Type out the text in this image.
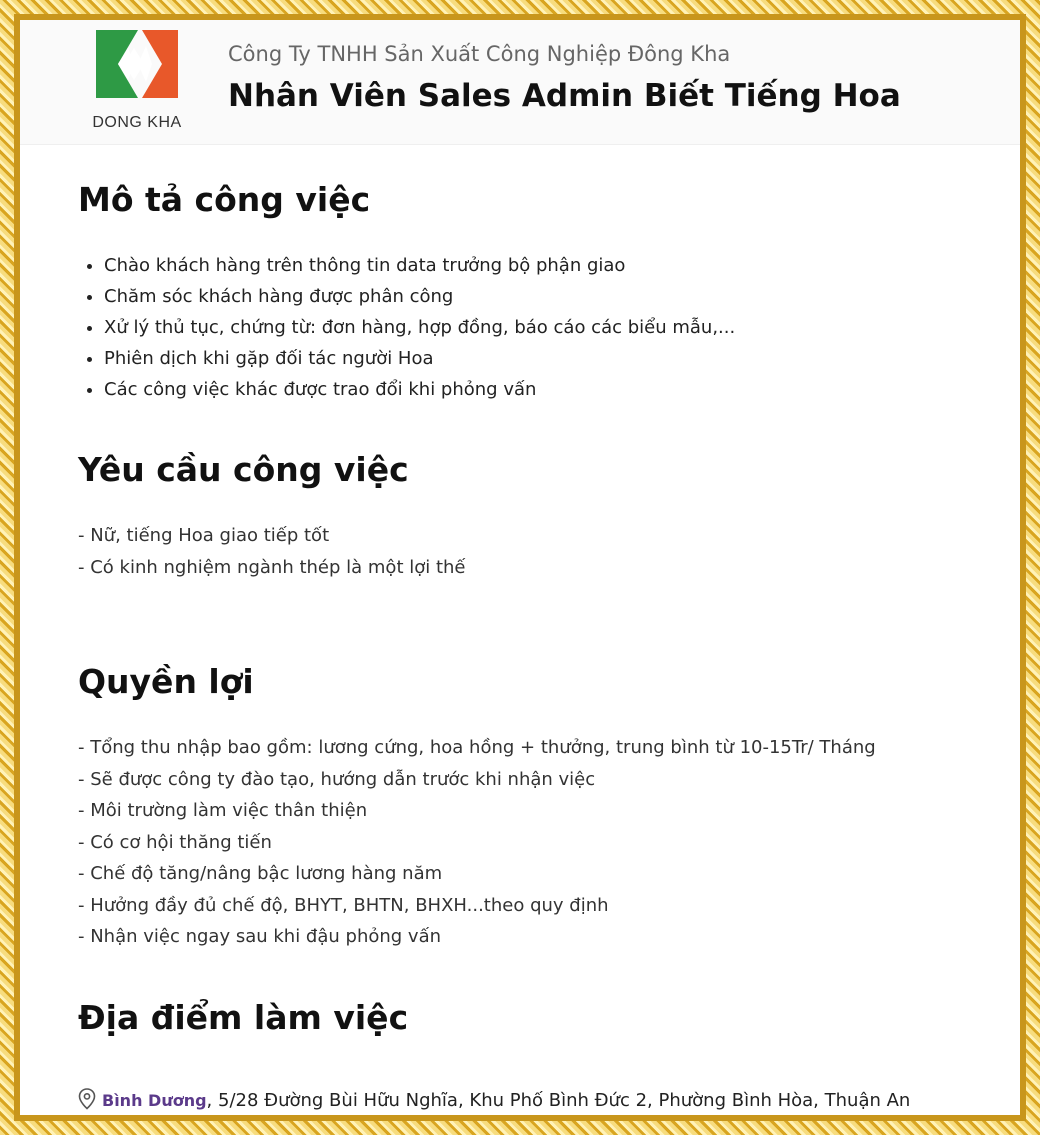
DONG KHA
Công Ty TNHH Sản Xuất Công Nghiệp Đông Kha
Nhân Viên Sales Admin Biết Tiếng Hoa
Mô tả công việc
• Chào khách hàng trên thông tin data trưởng bộ phận giao
• Chăm sóc khách hàng được phân công
• Xử lý thủ tục, chứng từ: đơn hàng, hợp đồng, báo cáo các biểu mẫu,...
• Phiên dịch khi gặp đối tác người Hoa
• Các công việc khác được trao đổi khi phỏng vấn
Yêu cầu công việc
- Nữ, tiếng Hoa giao tiếp tốt
- Có kinh nghiệm ngành thép là một lợi thế
Quyền lợi
- Tổng thu nhập bao gồm: lương cứng, hoa hồng + thưởng, trung bình từ 10-15Tr/ Tháng
- Sẽ được công ty đào tạo, hướng dẫn trước khi nhận việc
- Môi trường làm việc thân thiện
- Có cơ hội thăng tiến
- Chế độ tăng/nâng bậc lương hàng năm
- Hưởng đầy đủ chế độ, BHYT, BHTN, BHXH...theo quy định
- Nhận việc ngay sau khi đậu phỏng vấn
Địa điểm làm việc
Bình Dương, 5/28 Đường Bùi Hữu Nghĩa, Khu Phố Bình Đức 2, Phường Bình Hòa, Thuận An
